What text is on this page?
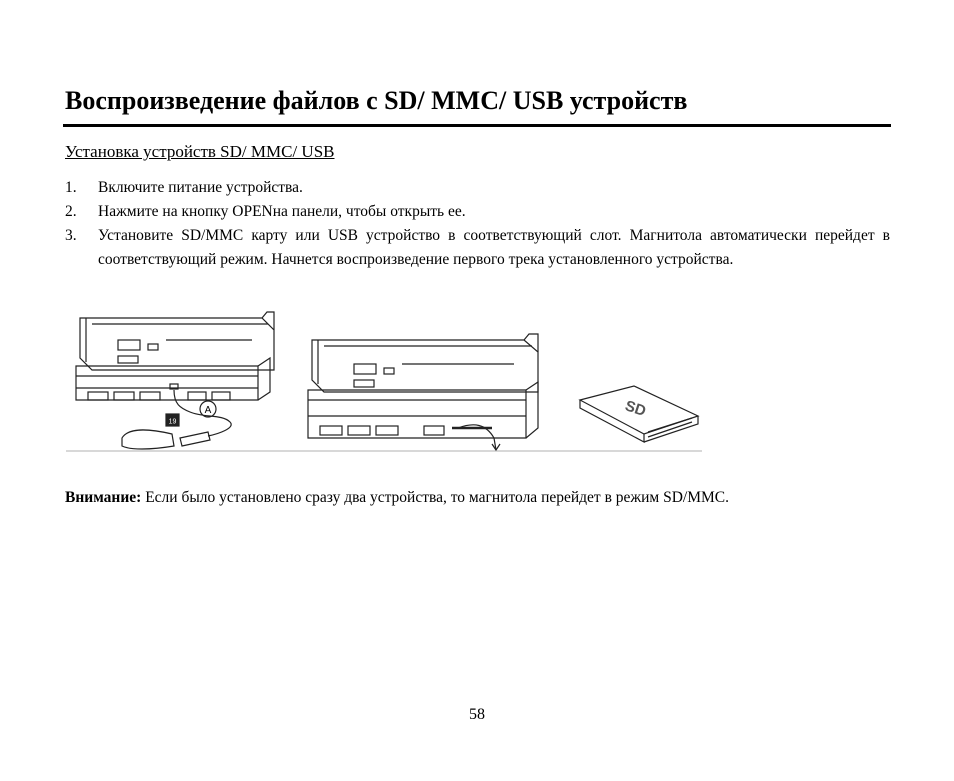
Воспроизведение файлов с SD/ MMC/ USB устройств
Установка устройств SD/ MMC/ USB
1. Включите питание устройства.
2. Нажмите на кнопку OPENна панели, чтобы открыть ее.
3. Установите SD/MMC карту или USB устройство в соответствующий слот. Магнитола автоматически перейдет в соответствующий режим. Начнется воспроизведение первого трека установленного устройства.
A
19
SD
Внимание: Если было установлено сразу два устройства, то магнитола перейдет в режим SD/MMC.
58
